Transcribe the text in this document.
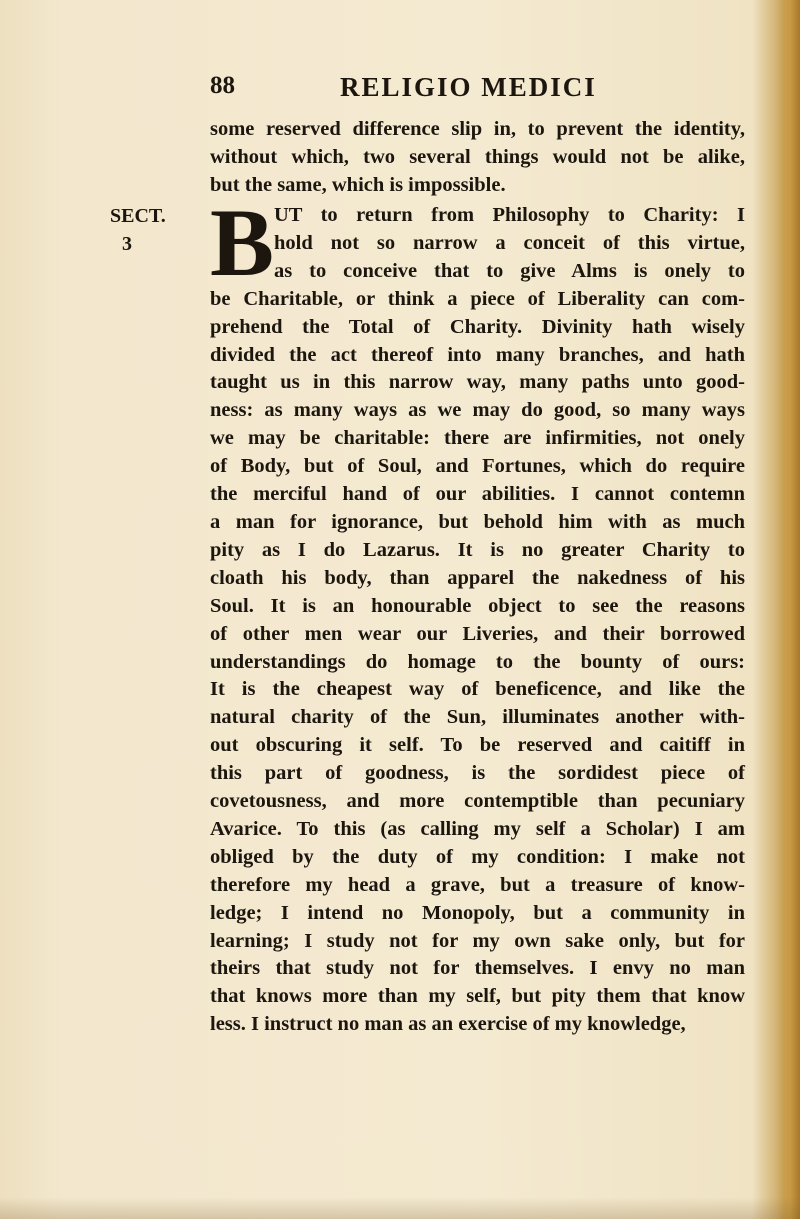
88	RELIGIO MEDICI
some reserved difference slip in, to prevent the identity,
without which, two several things would not be alike,
but the same, which is impossible.
SECT.
3 B UT to return from Philosophy to Charity: I
hold not so narrow a conceit of this virtue,
as to conceive that to give Alms is onely to
be Charitable, or think a piece of Liberality can com-
prehend the Total of Charity. Divinity hath wisely
divided the act thereof into many branches, and hath
taught us in this narrow way, many paths unto good-
ness: as many ways as we may do good, so many ways
we may be charitable: there are infirmities, not onely
of Body, but of Soul, and Fortunes, which do require
the merciful hand of our abilities. I cannot contemn
a man for ignorance, but behold him with as much
pity as I do Lazarus. It is no greater Charity to
cloath his body, than apparel the nakedness of his
Soul. It is an honourable object to see the reasons
of other men wear our Liveries, and their borrowed
understandings do homage to the bounty of ours:
It is the cheapest way of beneficence, and like the
natural charity of the Sun, illuminates another with-
out obscuring it self. To be reserved and caitiff in
this part of goodness, is the sordidest piece of
covetousness, and more contemptible than pecuniary
Avarice. To this (as calling my self a Scholar) I am
obliged by the duty of my condition: I make not
therefore my head a grave, but a treasure of know-
ledge; I intend no Monopoly, but a community in
learning; I study not for my own sake only, but for
theirs that study not for themselves. I envy no man
that knows more than my self, but pity them that know
less. I instruct no man as an exercise of my knowledge,
